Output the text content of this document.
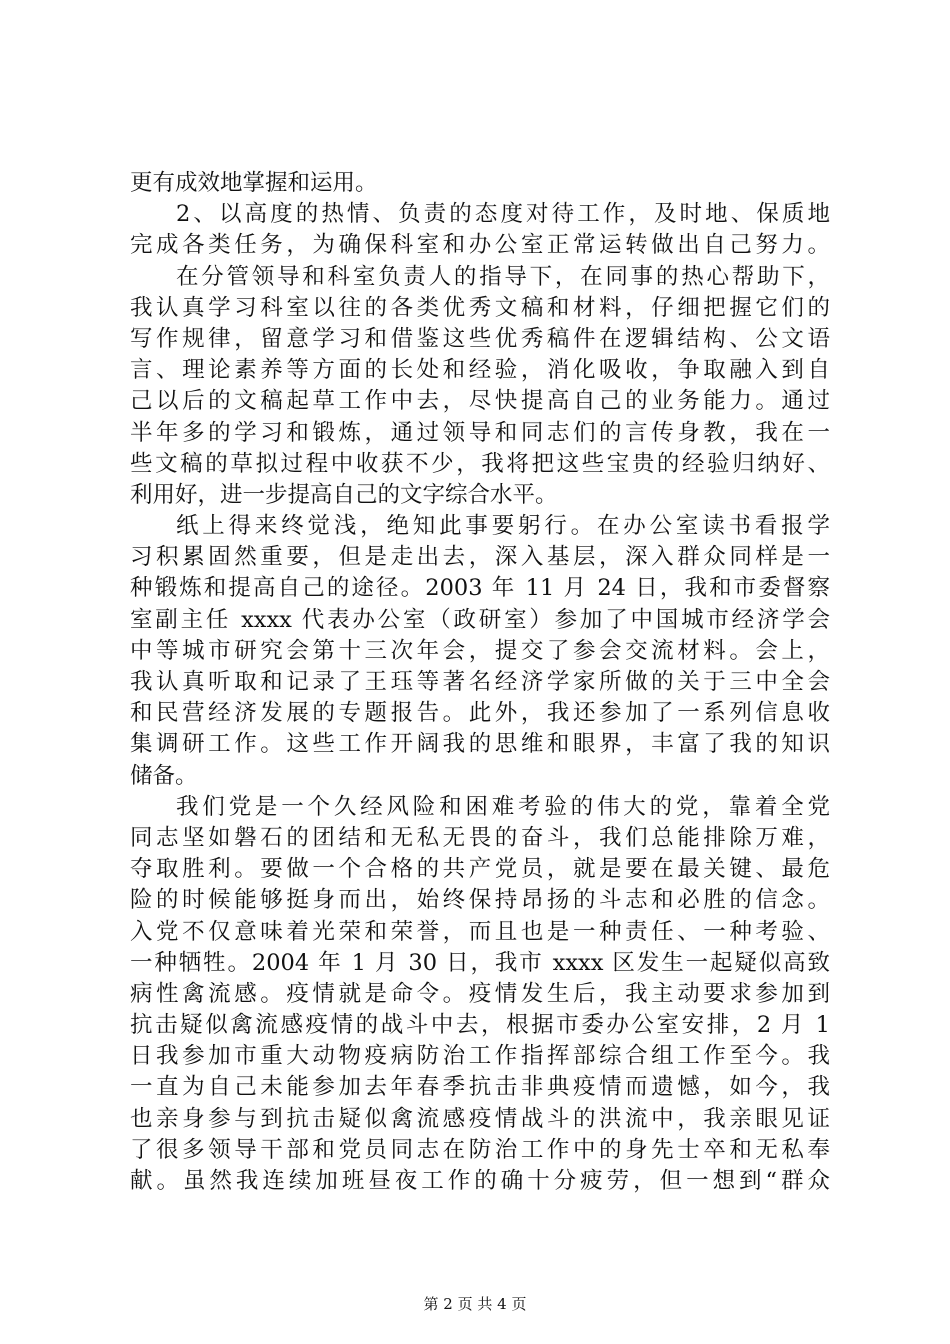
更有成效地掌握和运用。
2、以高度的热情、负责的态度对待工作，及时地、保质地
完成各类任务，为确保科室和办公室正常运转做出自己努力。
在分管领导和科室负责人的指导下，在同事的热心帮助下，
我认真学习科室以往的各类优秀文稿和材料，仔细把握它们的
写作规律，留意学习和借鉴这些优秀稿件在逻辑结构、公文语
言、理论素养等方面的长处和经验，消化吸收，争取融入到自
己以后的文稿起草工作中去，尽快提高自己的业务能力。通过
半年多的学习和锻炼，通过领导和同志们的言传身教，我在一
些文稿的草拟过程中收获不少，我将把这些宝贵的经验归纳好、
利用好，进一步提高自己的文字综合水平。
纸上得来终觉浅，绝知此事要躬行。在办公室读书看报学
习积累固然重要，但是走出去，深入基层，深入群众同样是一
种锻炼和提高自己的途径。2003 年 11 月 24 日，我和市委督察
室副主任 xxxx 代表办公室（政研室）参加了中国城市经济学会
中等城市研究会第十三次年会，提交了参会交流材料。会上，
我认真听取和记录了王珏等著名经济学家所做的关于三中全会
和民营经济发展的专题报告。此外，我还参加了一系列信息收
集调研工作。这些工作开阔我的思维和眼界，丰富了我的知识
储备。
我们党是一个久经风险和困难考验的伟大的党，靠着全党
同志坚如磐石的团结和无私无畏的奋斗，我们总能排除万难，
夺取胜利。要做一个合格的共产党员，就是要在最关键、最危
险的时候能够挺身而出，始终保持昂扬的斗志和必胜的信念。
入党不仅意味着光荣和荣誉，而且也是一种责任、一种考验、
一种牺牲。2004 年 1 月 30 日，我市 xxxx 区发生一起疑似高致
病性禽流感。疫情就是命令。疫情发生后，我主动要求参加到
抗击疑似禽流感疫情的战斗中去，根据市委办公室安排，2 月 1
日我参加市重大动物疫病防治工作指挥部综合组工作至今。我
一直为自己未能参加去年春季抗击非典疫情而遗憾，如今，我
也亲身参与到抗击疑似禽流感疫情战斗的洪流中，我亲眼见证
了很多领导干部和党员同志在防治工作中的身先士卒和无私奉
献。虽然我连续加班昼夜工作的确十分疲劳，但一想到“群众
第 2 页 共 4 页
